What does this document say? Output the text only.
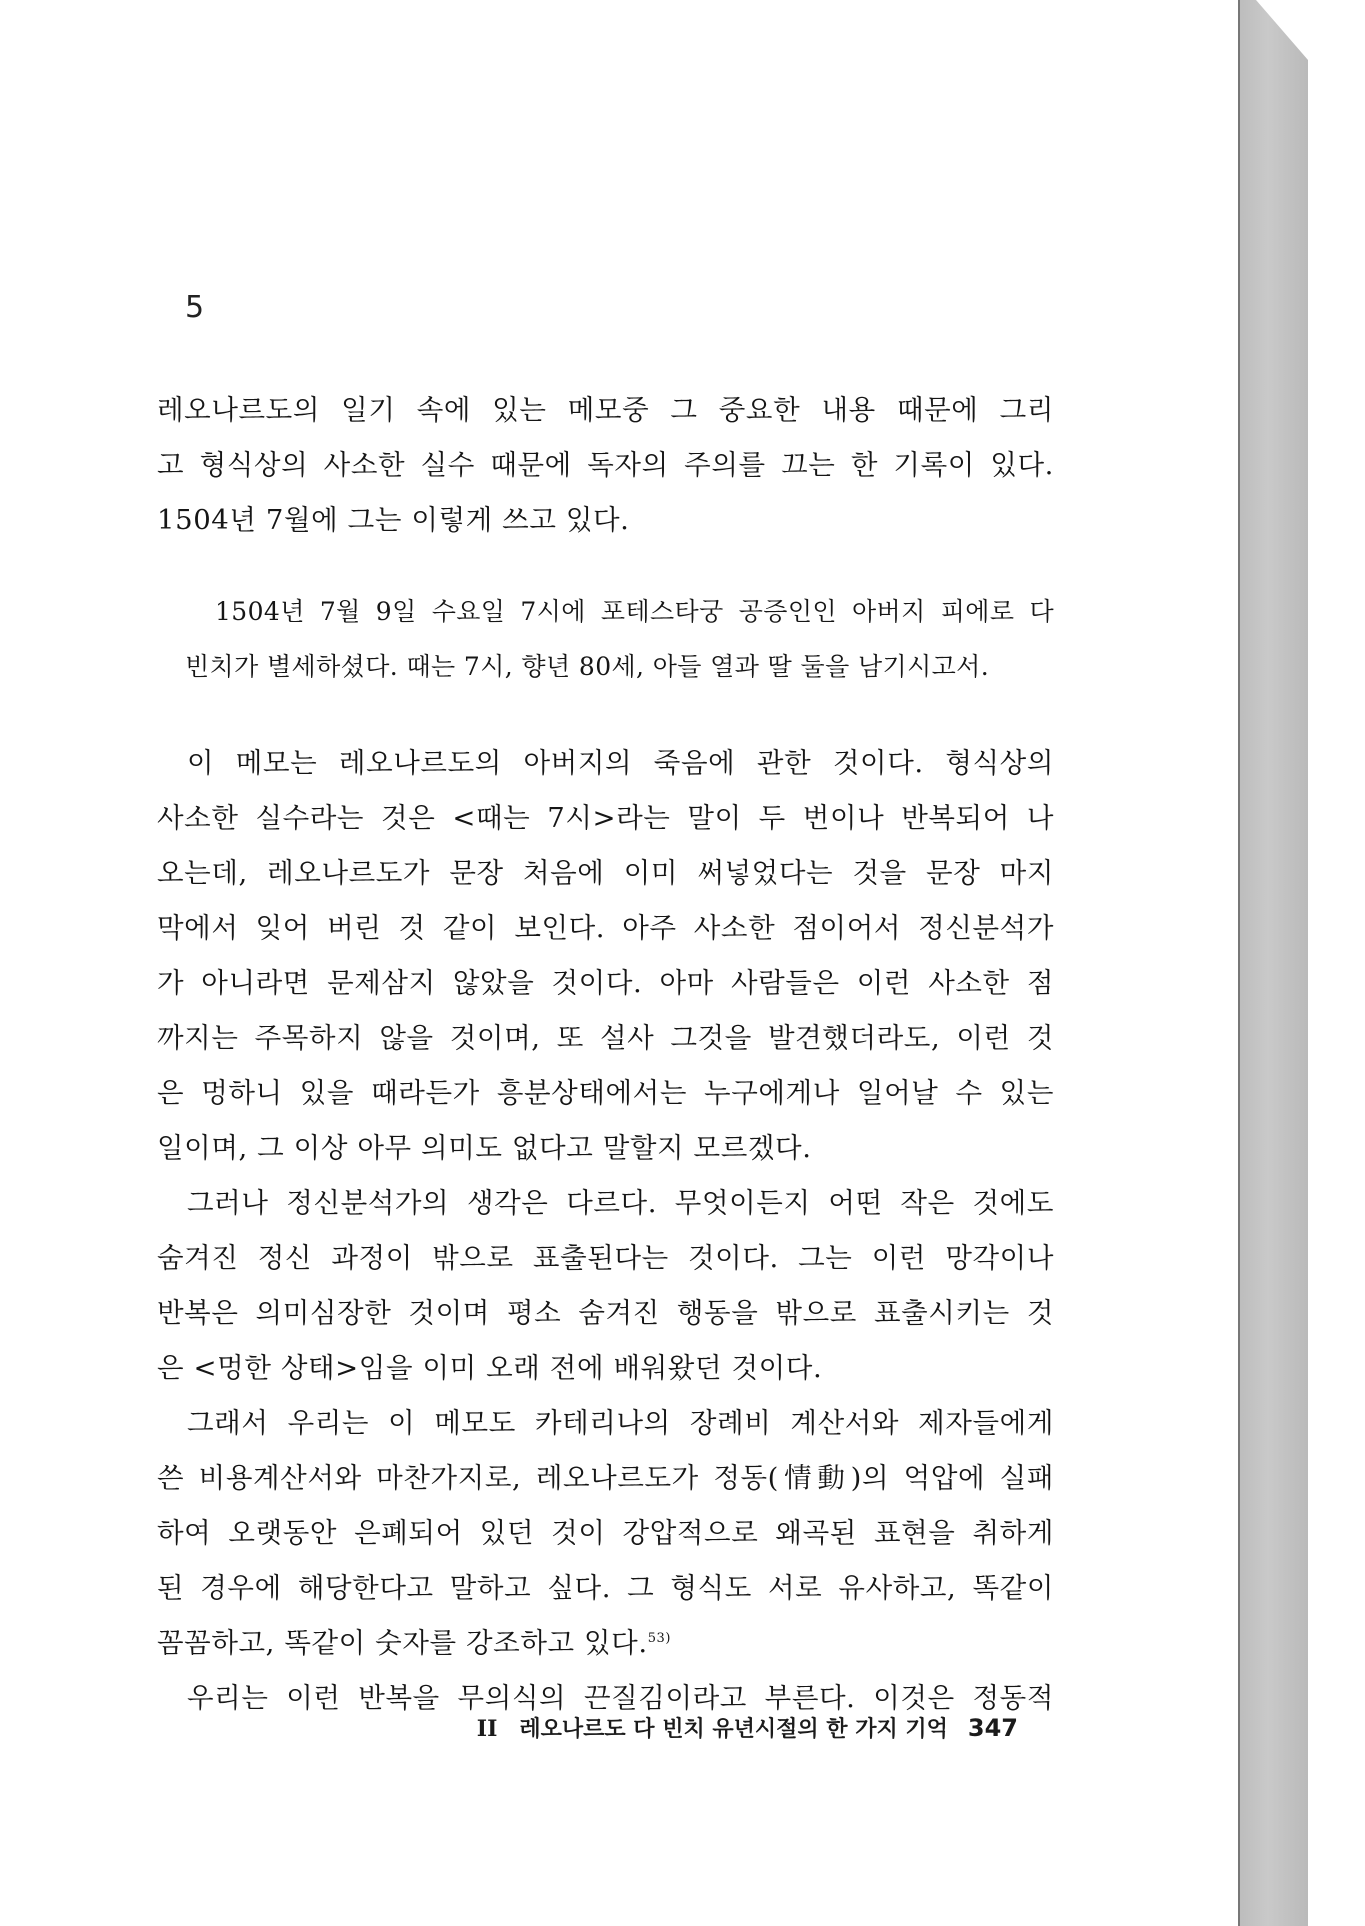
5
레오나르도의 일기 속에 있는 메모중 그 중요한 내용 때문에 그리
고 형식상의 사소한 실수 때문에 독자의 주의를 끄는 한 기록이 있다.
1504년 7월에 그는 이렇게 쓰고 있다.
1504년 7월 9일 수요일 7시에 포테스타궁 공증인인 아버지 피에로 다
빈치가 별세하셨다. 때는 7시, 향년 80세, 아들 열과 딸 둘을 남기시고서.
이 메모는 레오나르도의 아버지의 죽음에 관한 것이다. 형식상의
사소한 실수라는 것은 <때는 7시>라는 말이 두 번이나 반복되어 나
오는데, 레오나르도가 문장 처음에 이미 써넣었다는 것을 문장 마지
막에서 잊어 버린 것 같이 보인다. 아주 사소한 점이어서 정신분석가
가 아니라면 문제삼지 않았을 것이다. 아마 사람들은 이런 사소한 점
까지는 주목하지 않을 것이며, 또 설사 그것을 발견했더라도, 이런 것
은 멍하니 있을 때라든가 흥분상태에서는 누구에게나 일어날 수 있는
일이며, 그 이상 아무 의미도 없다고 말할지 모르겠다.
그러나 정신분석가의 생각은 다르다. 무엇이든지 어떤 작은 것에도
숨겨진 정신 과정이 밖으로 표출된다는 것이다. 그는 이런 망각이나
반복은 의미심장한 것이며 평소 숨겨진 행동을 밖으로 표출시키는 것
은 <멍한 상태>임을 이미 오래 전에 배워왔던 것이다.
그래서 우리는 이 메모도 카테리나의 장례비 계산서와 제자들에게
쓴 비용계산서와 마찬가지로, 레오나르도가 정동(情動)의 억압에 실패
하여 오랫동안 은폐되어 있던 것이 강압적으로 왜곡된 표현을 취하게
된 경우에 해당한다고 말하고 싶다. 그 형식도 서로 유사하고, 똑같이
꼼꼼하고, 똑같이 숫자를 강조하고 있다.$^{53)}$
우리는 이런 반복을 무의식의 끈질김이라고 부른다. 이것은 정동적
II 레오나르도 다 빈치 유년시절의 한 가지 기억 347
